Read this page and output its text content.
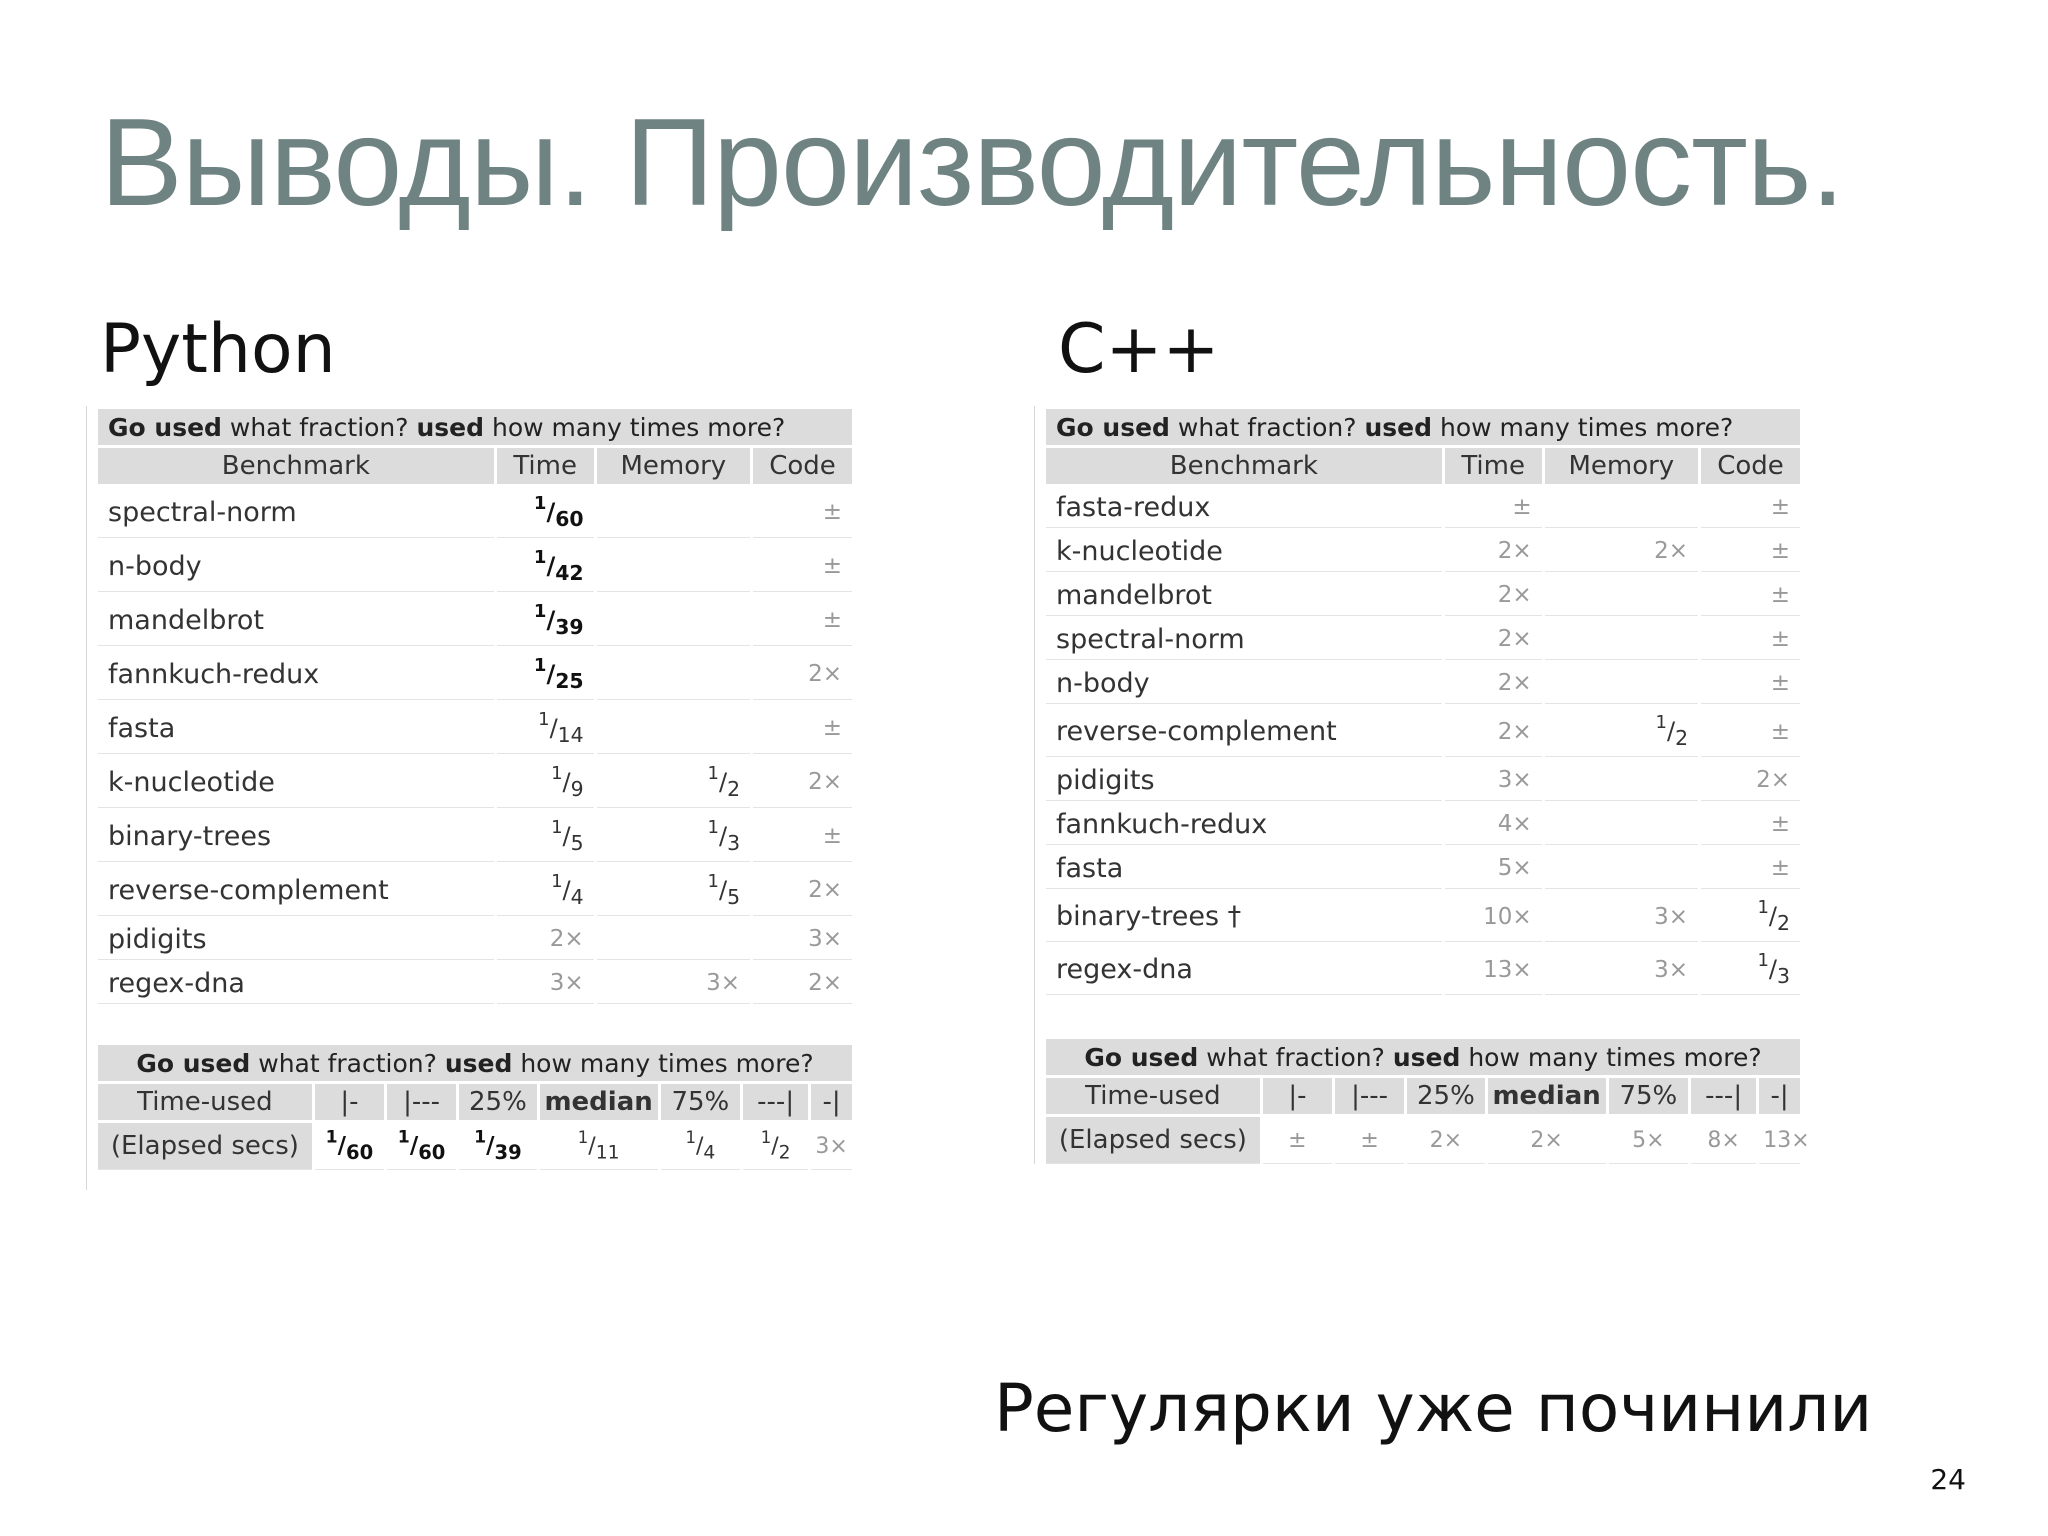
Выводы. Производительность.
Python	C++
Go used what fraction? used how many times more?			
Benchmark	Time	Memory	Code
spectral-norm	$^1/_{60}$		±
n-body	$^1/_{42}$		±
mandelbrot	$^1/_{39}$		±
fannkuch-redux	$^1/_{25}$		2×
fasta	$^1/_{14}$		±
k-nucleotide	$^1/_9$	$^1/_2$	2×
binary-trees	$^1/_5$	$^1/_3$	±
reverse-complement	$^1/_4$	$^1/_5$	2×
pidigits	2×		3×
regex-dna	3×	3×	2×
Go used what fraction? used how many times more?							
Time-used	|-	|---	25%	median	75%	---|	-|
(Elapsed secs)	$^1/_{60}$	$^1/_{60}$	$^1/_{39}$	$^1/_{11}$	$^1/_4$	$^1/_2$	3×
Go used what fraction? used how many times more?			
Benchmark	Time	Memory	Code
fasta-redux	±		±
k-nucleotide	2×	2×	±
mandelbrot	2×		±
spectral-norm	2×		±
n-body	2×		±
reverse-complement	2×	$^1/_2$	±
pidigits	3×		2×
fannkuch-redux	4×		±
fasta	5×		±
binary-trees †	10×	3×	$^1/_2$
regex-dna	13×	3×	$^1/_3$
Go used what fraction? used how many times more?							
Time-used	|-	|---	25%	median	75%	---|	-|
(Elapsed secs)	±	±	2×	2×	5×	8×	13×
Регулярки уже починили
24
